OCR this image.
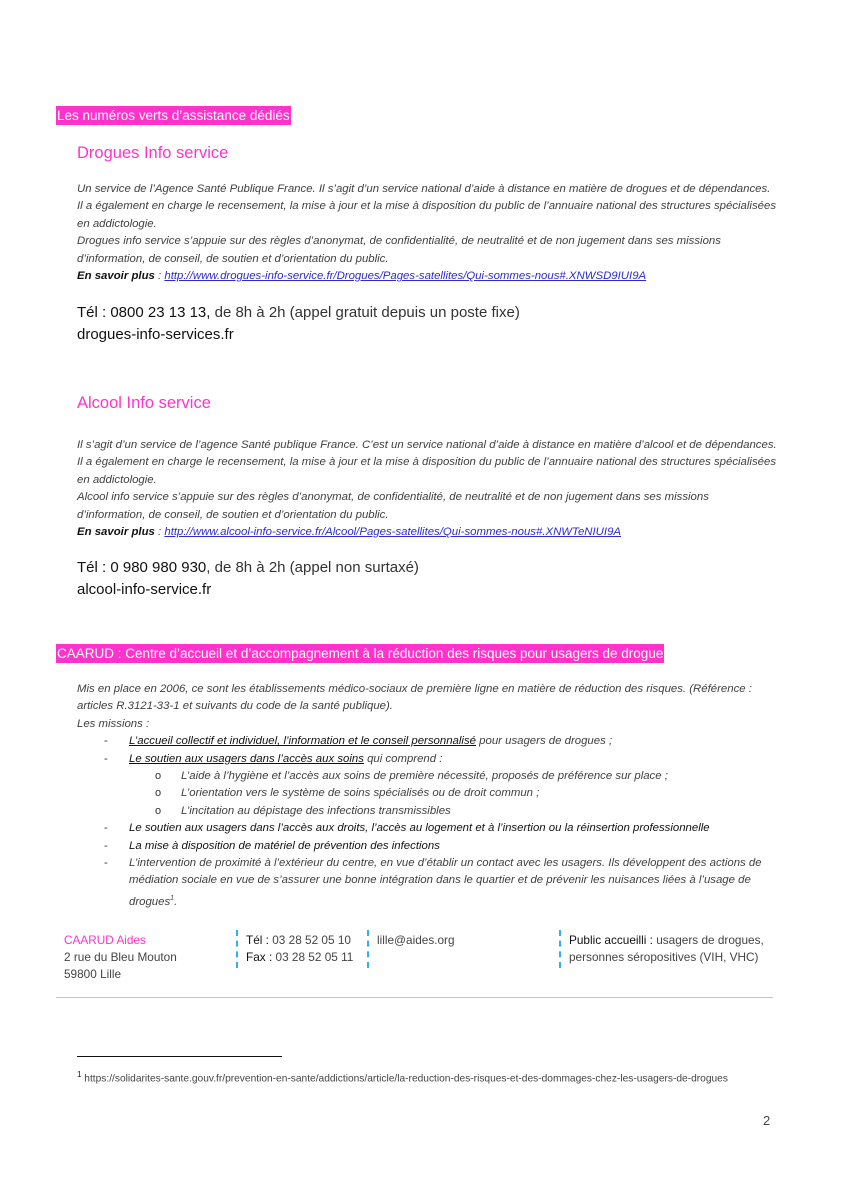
Les numéros verts d’assistance dédiés
Drogues Info service

Un service de l’Agence Santé Publique France. Il s’agit d’un service national d’aide à distance en matière de drogues et de dépendances. Il a également en charge le recensement, la mise à jour et la mise à disposition du public de l’annuaire national des structures spécialisées en addictologie.

Drogues info service s’appuie sur des règles d’anonymat, de confidentialité, de neutralité et de non jugement dans ses missions d’information, de conseil, de soutien et d’orientation du public.

En savoir plus : http://www.drogues-info-service.fr/Drogues/Pages-satellites/Qui-sommes-nous#.XNWSD9IUI9A

Tél : 0800 23 13 13, de 8h à 2h (appel gratuit depuis un poste fixe)
drogues-info-services.fr
Alcool Info service

Il s’agit d’un service de l’agence Santé publique France. C’est un service national d’aide à distance en matière d’alcool et de dépendances. Il a également en charge le recensement, la mise à jour et la mise à disposition du public de l’annuaire national des structures spécialisées en addictologie.

Alcool info service s’appuie sur des règles d’anonymat, de confidentialité, de neutralité et de non jugement dans ses missions d’information, de conseil, de soutien et d’orientation du public.

En savoir plus : http://www.alcool-info-service.fr/Alcool/Pages-satellites/Qui-sommes-nous#.XNWTeNIUI9A

Tél : 0 980 980 930, de 8h à 2h (appel non surtaxé)
alcool-info-service.fr
CAARUD : Centre d’accueil et d’accompagnement à la réduction des risques pour usagers de drogue

Mis en place en 2006, ce sont les établissements médico-sociaux de première ligne en matière de réduction des risques. (Référence : articles R.3121-33-1 et suivants du code de la santé publique).

Les missions :

- L’accueil collectif et individuel, l’information et le conseil personnalisé pour usagers de drogues ;
- Le soutien aux usagers dans l’accès aux soins qui comprend :
o L’aide à l’hygiène et l’accès aux soins de première nécessité, proposés de préférence sur place ;
o L’orientation vers le système de soins spécialisés ou de droit commun ;
o L’incitation au dépistage des infections transmissibles
- Le soutien aux usagers dans l’accès aux droits, l’accès au logement et à l’insertion ou la réinsertion professionnelle
- La mise à disposition de matériel de prévention des infections
- L’intervention de proximité à l’extérieur du centre, en vue d’établir un contact avec les usagers. Ils développent des actions de médiation sociale en vue de s’assurer une bonne intégration dans le quartier et de prévenir les nuisances liées à l’usage de drogues$^1$.
CAARUD Aides
2 rue du Bleu Mouton
59800 Lille
Tél : 03 28 52 05 10
Fax : 03 28 52 05 11
lille@aides.org	Public accueilli : usagers de drogues,
personnes séropositives (VIH, VHC)
$^1$ https://solidarites-sante.gouv.fr/prevention-en-sante/addictions/article/la-reduction-des-risques-et-des-dommages-chez-les-usagers-de-drogues
2
